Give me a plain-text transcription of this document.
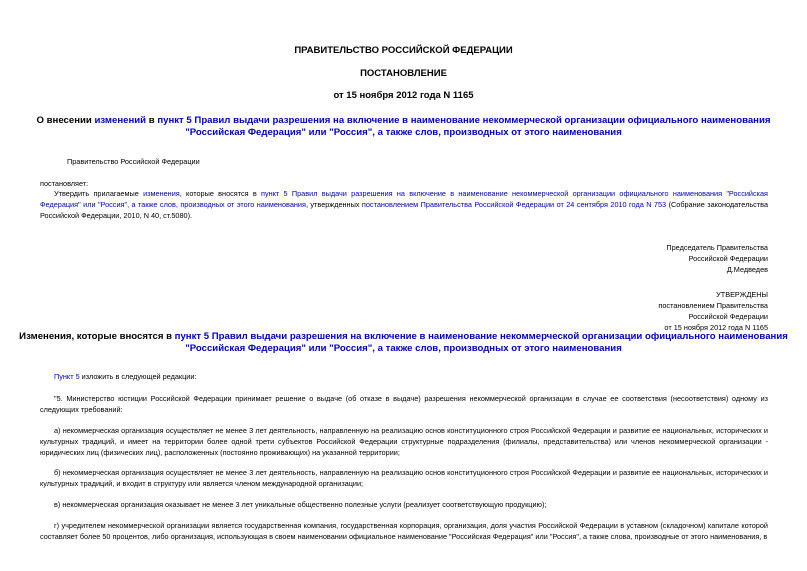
ПРАВИТЕЛЬСТВО РОССИЙСКОЙ ФЕДЕРАЦИИ
ПОСТАНОВЛЕНИЕ
от 15 ноября 2012 года N 1165
О внесении изменений в пункт 5 Правил выдачи разрешения на включение в наименование некоммерческой организации официального наименования
"Российская Федерация" или "Россия", а также слов, производных от этого наименования
Правительство Российской Федерации
постановляет:
Утвердить прилагаемые изменения, которые вносятся в пункт 5 Правил выдачи разрешения на включение в наименование некоммерческой организации официального наименования "Российская Федерация" или "Россия", а также слов, производных от этого наименования, утвержденных постановлением Правительства Российской Федерации от 24 сентября 2010 года N 753 (Собрание законодательства Российской Федерации, 2010, N 40, ст.5080).
Председатель Правительства
Российской Федерации
Д.Медведев
УТВЕРЖДЕНЫ
постановлением Правительства
Российской Федерации
от 15 ноября 2012 года N 1165
Изменения, которые вносятся в пункт 5 Правил выдачи разрешения на включение в наименование некоммерческой организации официального наименования
"Российская Федерация" или "Россия", а также слов, производных от этого наименования
Пункт 5 изложить в следующей редакции:
"5. Министерство юстиции Российской Федерации принимает решение о выдаче (об отказе в выдаче) разрешения некоммерческой организации в случае ее соответствия (несоответствия) одному из следующих требований:
а) некоммерческая организация осуществляет не менее 3 лет деятельность, направленную на реализацию основ конституционного строя Российской Федерации и развитие ее национальных, исторических и культурных традиций, и имеет на территории более одной трети субъектов Российской Федерации структурные подразделения (филиалы, представительства) или членов некоммерческой организации - юридических лиц (физических лиц), расположенных (постоянно проживающих) на указанной территории;
б) некоммерческая организация осуществляет не менее 3 лет деятельность, направленную на реализацию основ конституционного строя Российской Федерации и развитие ее национальных, исторических и культурных традиций, и входит в структуру или является членом международной организации;
в) некоммерческая организация оказывает не менее 3 лет уникальные общественно полезные услуги (реализует соответствующую продукцию);
г) учредителем некоммерческой организации является государственная компания, государственная корпорация, организация, доля участия Российской Федерации в уставном (складочном) капитале которой составляет более 50 процентов, либо организация, использующая в своем наименовании официальное наименование "Российская Федерация" или "Россия", а также слова, производные от этого наименования, в
